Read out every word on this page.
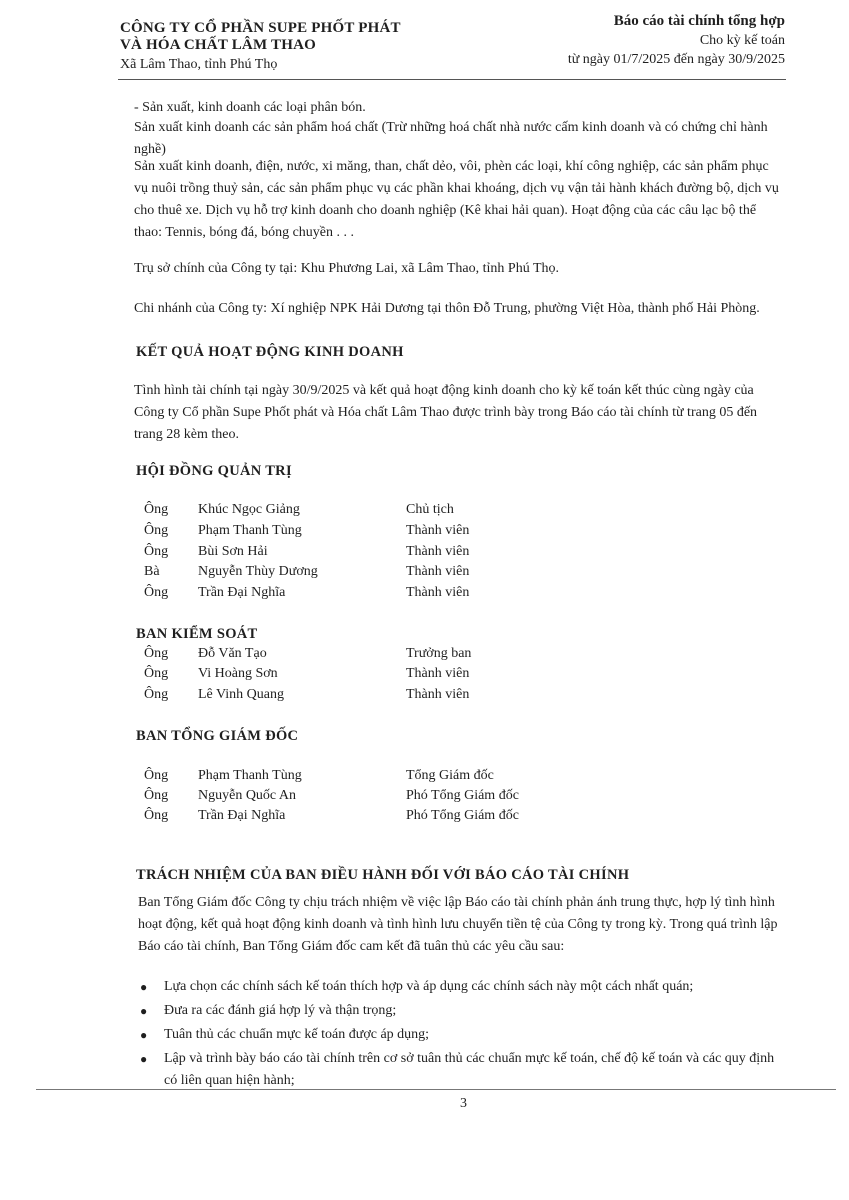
CÔNG TY CỔ PHẦN SUPE PHỐT PHÁT
VÀ HÓA CHẤT LÂM THAO
Xã Lâm Thao, tỉnh Phú Thọ
Báo cáo tài chính tổng hợp
Cho kỳ kế toán
từ ngày 01/7/2025 đến ngày 30/9/2025
- Sản xuất, kinh doanh các loại phân bón.
Sản xuất kinh doanh các sản phẩm hoá chất (Trừ những hoá chất nhà nước cấm kinh doanh và có chứng chỉ hành nghề)
Sản xuất kinh doanh, điện, nước, xi măng, than, chất dẻo, vôi, phèn các loại, khí công nghiệp, các sản phẩm phục vụ nuôi trồng thuỷ sản, các sản phẩm phục vụ các phần khai khoáng, dịch vụ vận tải hành khách đường bộ, dịch vụ cho thuê xe. Dịch vụ hỗ trợ kinh doanh cho doanh nghiệp (Kê khai hải quan). Hoạt động của các câu lạc bộ thể thao: Tennis, bóng đá, bóng chuyền . . .
Trụ sở chính của Công ty tại: Khu Phương Lai, xã Lâm Thao, tỉnh Phú Thọ.
Chi nhánh của Công ty: Xí nghiệp NPK Hải Dương tại thôn Đỗ Trung, phường Việt Hòa, thành phố Hải Phòng.
KẾT QUẢ HOẠT ĐỘNG KINH DOANH
Tình hình tài chính tại ngày 30/9/2025 và kết quả hoạt động kinh doanh cho kỳ kế toán kết thúc cùng ngày của Công ty Cổ phần Supe Phốt phát và Hóa chất Lâm Thao được trình bày trong Báo cáo tài chính từ trang 05 đến trang 28 kèm theo.
HỘI ĐỒNG QUẢN TRỊ
Ông Khúc Ngọc Giảng	Chủ tịch
Ông Phạm Thanh Tùng	Thành viên
Ông Bùi Sơn Hải	Thành viên
Bà	Nguyễn Thùy Dương	Thành viên
Ông Trần Đại Nghĩa	Thành viên
BAN KIỂM SOÁT
Ông Đỗ Văn Tạo	Trưởng ban
Ông Vi Hoàng Sơn	Thành viên
Ông Lê Vinh Quang	Thành viên
BAN TỔNG GIÁM ĐỐC
Ông Phạm Thanh Tùng	Tổng Giám đốc
Ông Nguyễn Quốc An	Phó Tổng Giám đốc
Ông Trần Đại Nghĩa	Phó Tổng Giám đốc
TRÁCH NHIỆM CỦA BAN ĐIỀU HÀNH ĐỐI VỚI BÁO CÁO TÀI CHÍNH
Ban Tổng Giám đốc Công ty chịu trách nhiệm về việc lập Báo cáo tài chính phản ánh trung thực, hợp lý tình hình hoạt động, kết quả hoạt động kinh doanh và tình hình lưu chuyển tiền tệ của Công ty trong kỳ. Trong quá trình lập Báo cáo tài chính, Ban Tổng Giám đốc cam kết đã tuân thủ các yêu cầu sau:
● Lựa chọn các chính sách kế toán thích hợp và áp dụng các chính sách này một cách nhất quán;
● Đưa ra các đánh giá hợp lý và thận trọng;
● Tuân thủ các chuẩn mực kế toán được áp dụng;
● Lập và trình bày báo cáo tài chính trên cơ sở tuân thủ các chuẩn mực kế toán, chế độ kế toán và các quy định có liên quan hiện hành;
3
